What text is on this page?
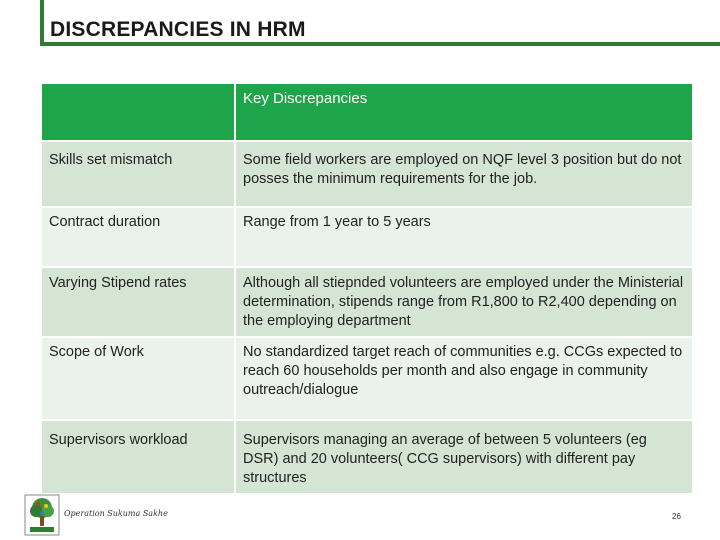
DISCREPANCIES IN HRM
	Key Discrepancies
Skills set mismatch	Some field workers are employed on NQF level 3 position but do not posses the minimum requirements for the job.
Contract duration	Range from 1 year to 5 years
Varying Stipend rates	Although all stiepnded volunteers are employed under the Ministerial determination, stipends range from R1,800 to R2,400 depending on the employing department
Scope of Work	No standardized target reach of communities e.g. CCGs expected to reach 60 households per month and also engage in community outreach/dialogue
Supervisors workload	Supervisors managing an average of between 5 volunteers (eg DSR) and 20 volunteers( CCG supervisors) with different pay structures
Operation Sukuma Sakhe	26
